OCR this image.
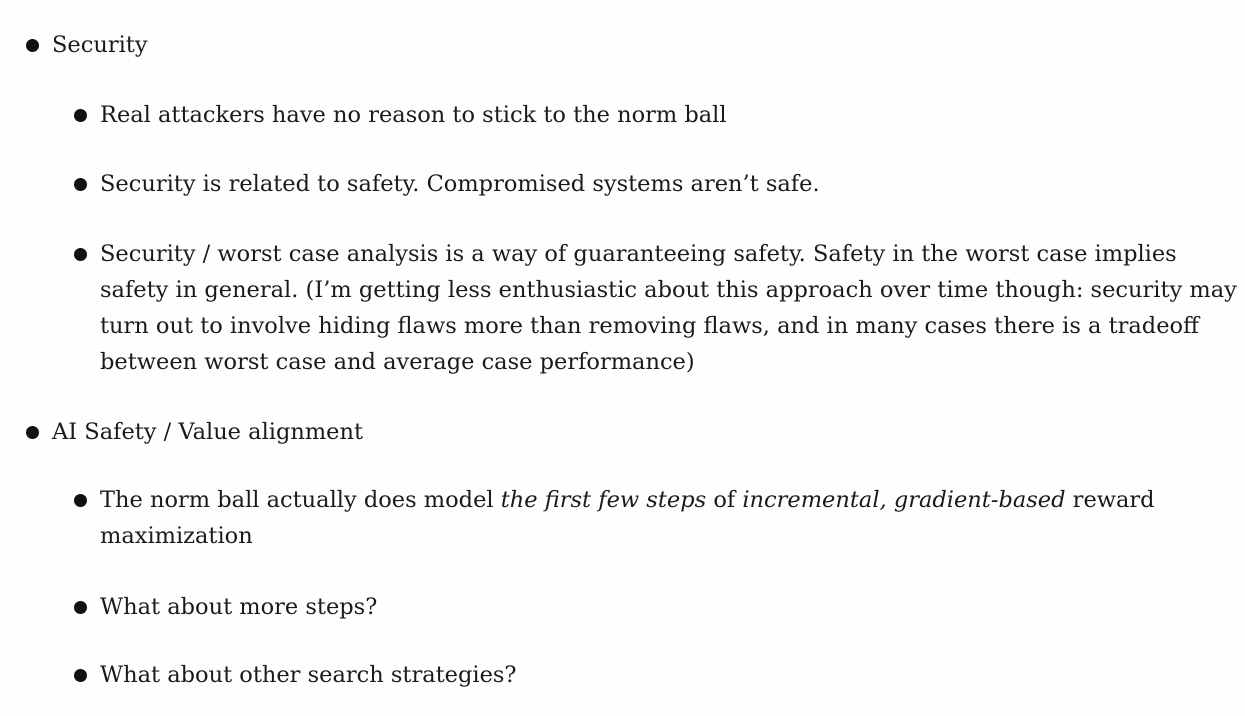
Security
Real attackers have no reason to stick to the norm ball
Security is related to safety. Compromised systems aren’t safe.
Security / worst case analysis is a way of guaranteeing safety. Safety in the worst case implies
safety in general. (I’m getting less enthusiastic about this approach over time though: security may
turn out to involve hiding flaws more than removing flaws, and in many cases there is a tradeoff
between worst case and average case performance)
AI Safety / Value alignment
The norm ball actually does model the first few steps of incremental, gradient-based reward
maximization
What about more steps?
What about other search strategies?
